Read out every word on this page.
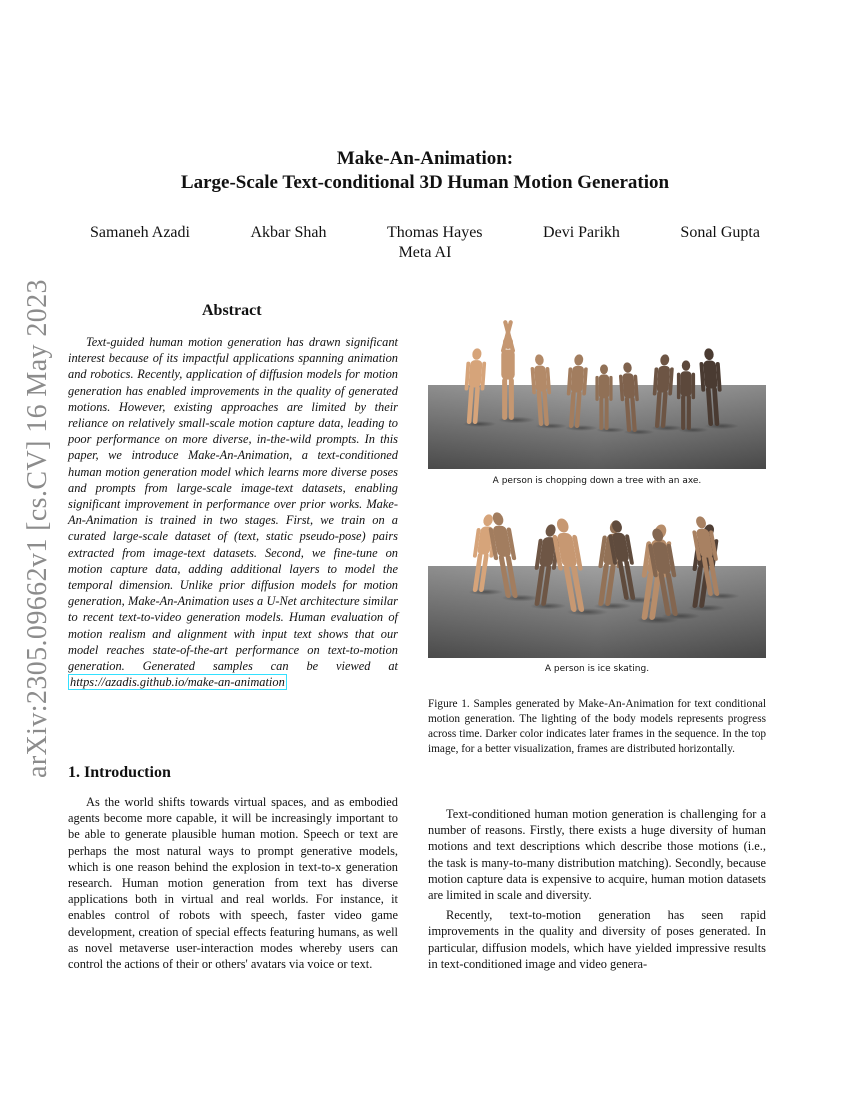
arXiv:2305.09662v1 [cs.CV] 16 May 2023
Make-An-Animation:
Large-Scale Text-conditional 3D Human Motion Generation
Samaneh Azadi	Akbar Shah	Thomas Hayes	Devi Parikh	Sonal Gupta
Meta AI
Abstract
Text-guided human motion generation has drawn significant interest because of its impactful applications spanning animation and robotics. Recently, application of diffusion models for motion generation has enabled improvements in the quality of generated motions. However, existing approaches are limited by their reliance on relatively small-scale motion capture data, leading to poor performance on more diverse, in-the-wild prompts. In this paper, we introduce Make-An-Animation, a text-conditioned human motion generation model which learns more diverse poses and prompts from large-scale image-text datasets, enabling significant improvement in performance over prior works. Make-An-Animation is trained in two stages. First, we train on a curated large-scale dataset of (text, static pseudo-pose) pairs extracted from image-text datasets. Second, we fine-tune on motion capture data, adding additional layers to model the temporal dimension. Unlike prior diffusion models for motion generation, Make-An-Animation uses a U-Net architecture similar to recent text-to-video generation models. Human evaluation of motion realism and alignment with input text shows that our model reaches state-of-the-art performance on text-to-motion generation. Generated samples can be viewed at https://azadis.github.io/make-an-animation
1. Introduction

As the world shifts towards virtual spaces, and as embodied agents become more capable, it will be increasingly important to be able to generate plausible human motion. Speech or text are perhaps the most natural ways to prompt generative models, which is one reason behind the explosion in text-to-x generation research. Human motion generation from text has diverse applications both in virtual and real worlds. For instance, it enables control of robots with speech, faster video game development, creation of special effects featuring humans, as well as novel metaverse user-interaction modes whereby users can control the actions of their or others' avatars via voice or text.

A person is chopping down a tree with an axe.
A person is ice skating.
Figure 1. Samples generated by Make-An-Animation for text conditional motion generation. The lighting of the body models represents progress across time. Darker color indicates later frames in the sequence. In the top image, for a better visualization, frames are distributed horizontally.

Text-conditioned human motion generation is challenging for a number of reasons. Firstly, there exists a huge diversity of human motions and text descriptions which describe those motions (i.e., the task is many-to-many distribution matching). Secondly, because motion capture data is expensive to acquire, human motion datasets are limited in scale and diversity.

Recently, text-to-motion generation has seen rapid improvements in the quality and diversity of poses generated. In particular, diffusion models, which have yielded impressive results in text-conditioned image and video genera-
